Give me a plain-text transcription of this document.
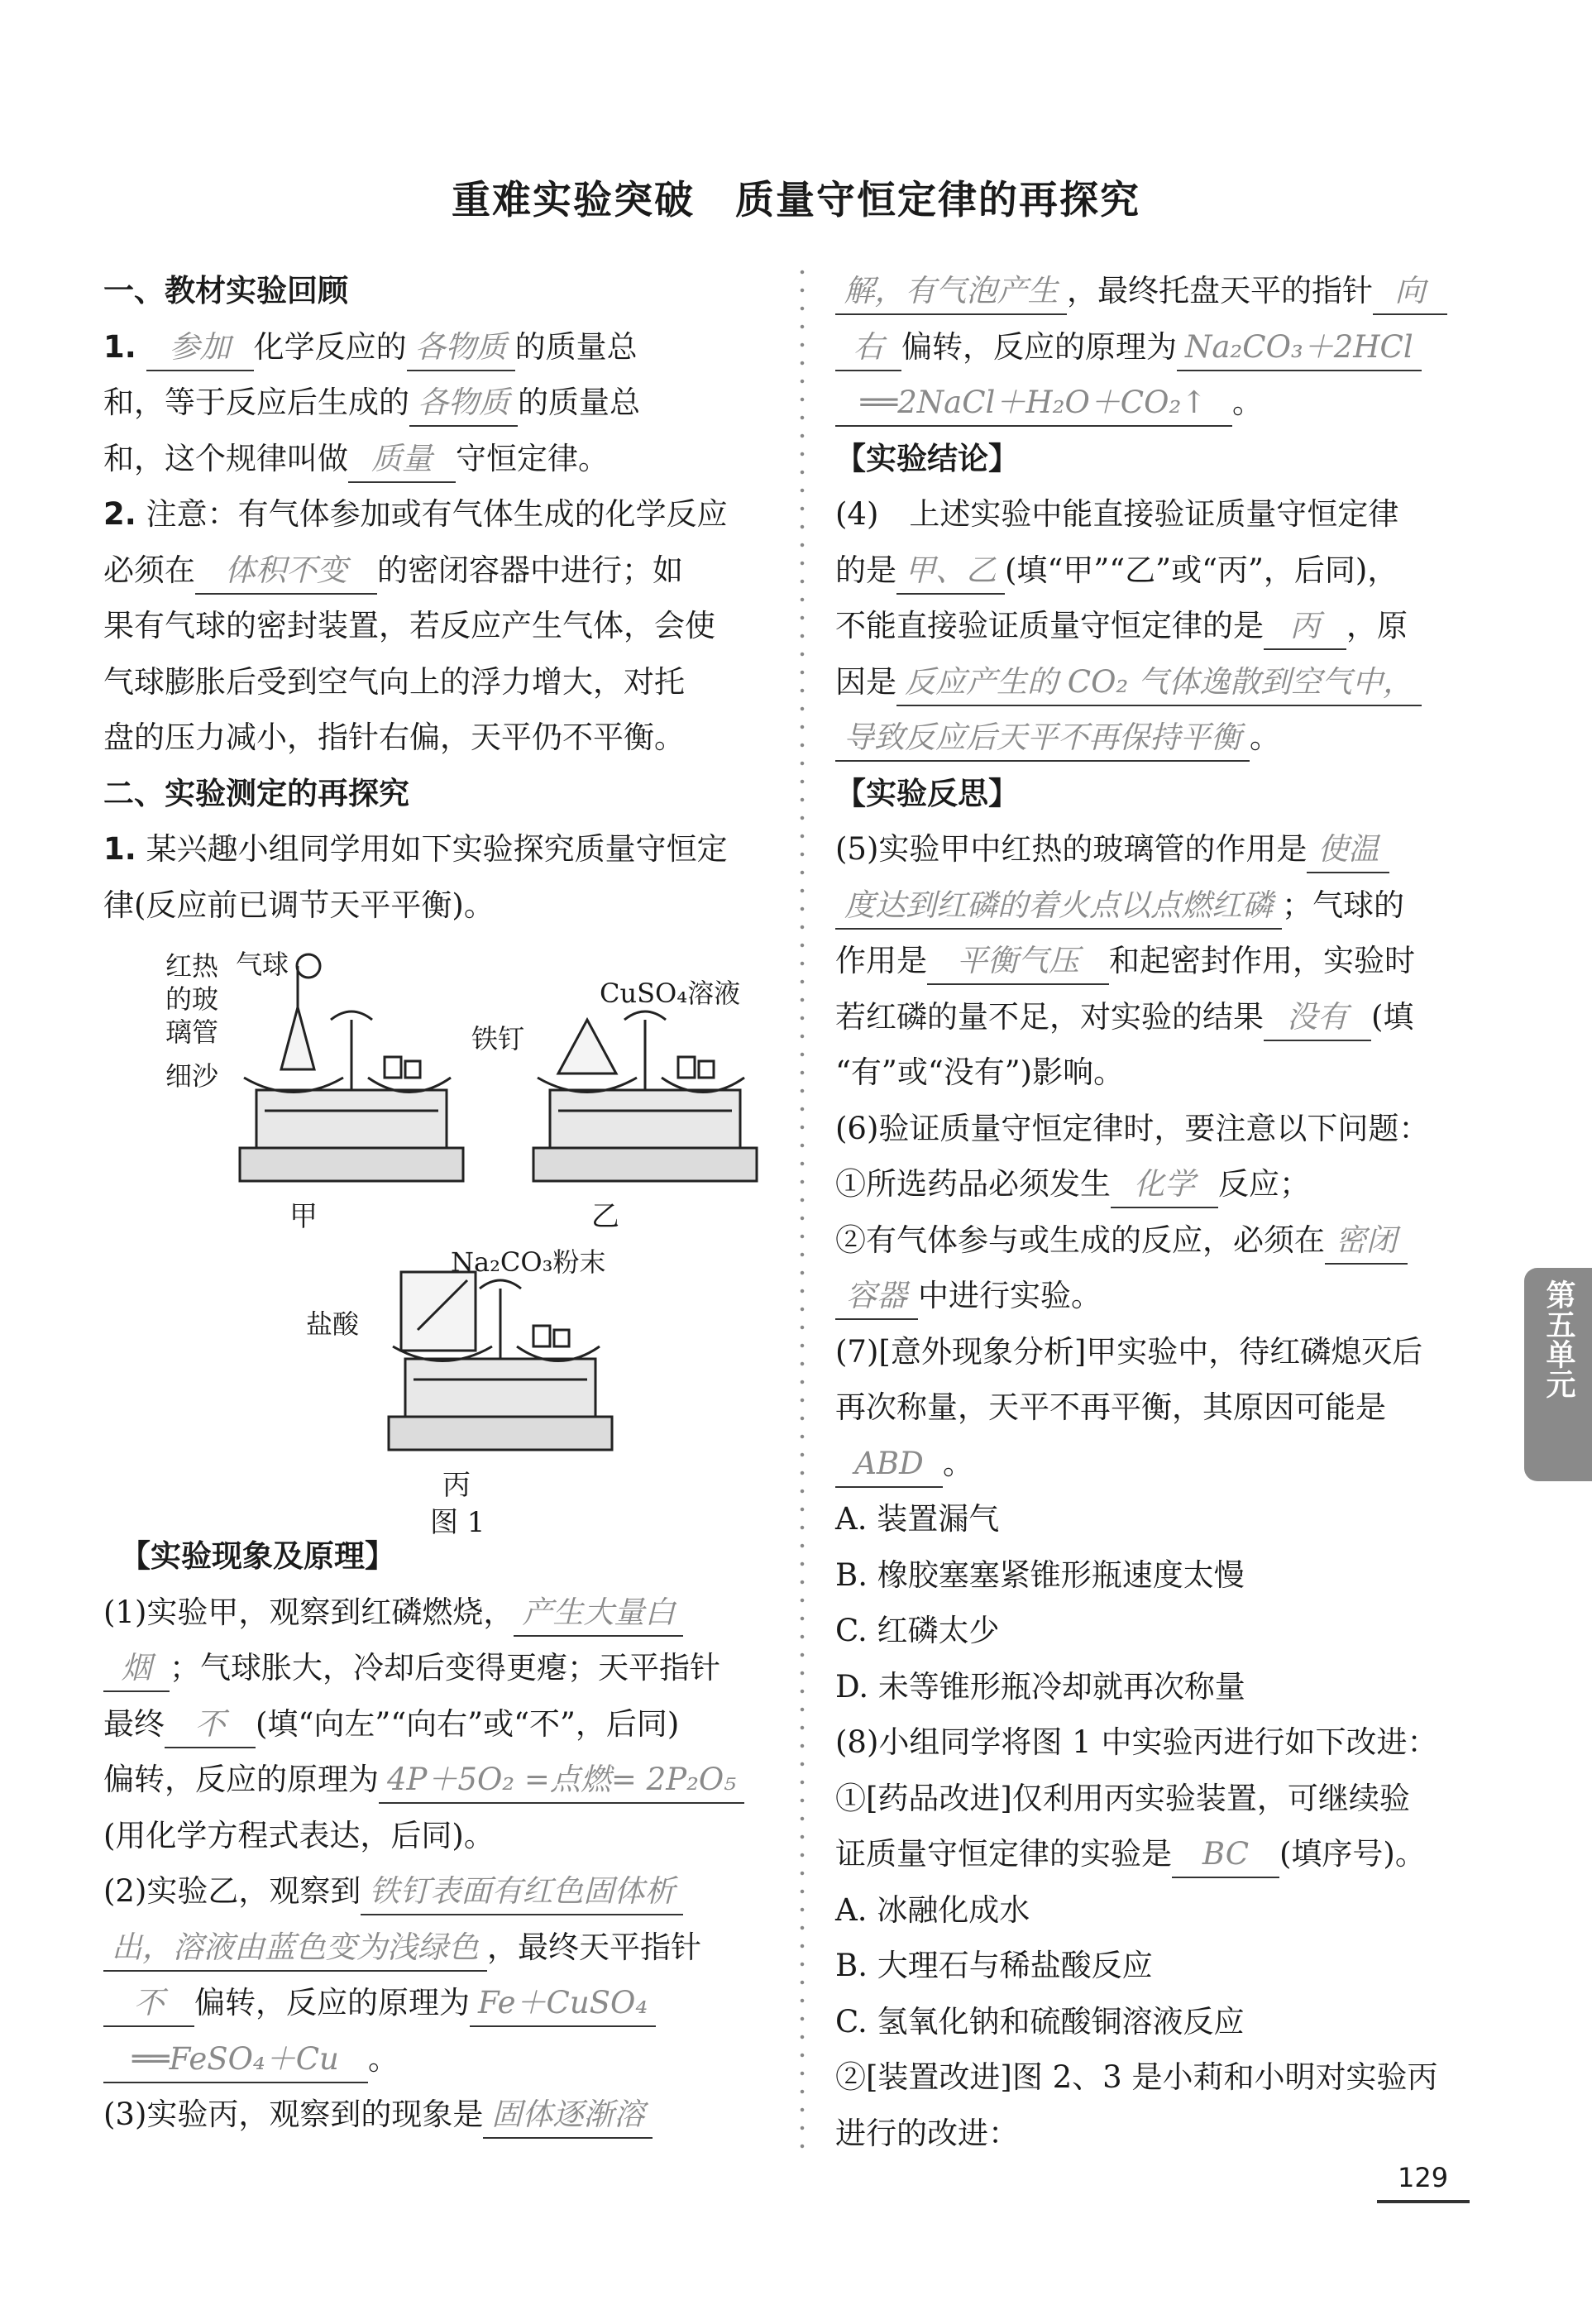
重难实验突破　质量守恒定律的再探究

一、教材实验回顾

1. 参加 化学反应的 各物质 的质量总
和，等于反应后生成的 各物质 的质量总
和，这个规律叫做 质量 守恒定律。

2. 注意：有气体参加或有气体生成的化学反应
必须在 体积不变 的密闭容器中进行；如
果有气球的密封装置，若反应产生气体，会使
气球膨胀后受到空气向上的浮力增大，对托
盘的压力减小，指针右偏，天平仍不平衡。

二、实验测定的再探究

1. 某兴趣小组同学用如下实验探究质量守恒定
律(反应前已调节天平平衡)。

红热的玻璃管
气球
细沙
CuSO₄溶液
铁钉
Na₂CO₃粉末
盐酸
甲	乙
丙
图 1

【实验现象及原理】

(1)实验甲，观察到红磷燃烧， 产生大量白
烟 ；气球胀大，冷却后变得更瘪；天平指针
最终 不 (填“向左”“向右”或“不”，后同)
偏转，反应的原理为 4P＋5O₂ =点燃= 2P₂O₅
(用化学方程式表达，后同)。

(2)实验乙，观察到 铁钉表面有红色固体析
出，溶液由蓝色变为浅绿色 ，最终天平指针
不 偏转，反应的原理为 Fe＋CuSO₄
══FeSO₄＋Cu 。

(3)实验丙，观察到的现象是 固体逐渐溶

解，有气泡产生 ，最终托盘天平的指针 向
右 偏转，反应的原理为 Na₂CO₃＋2HCl
══2NaCl＋H₂O＋CO₂↑ 。

【实验结论】

(4)　上述实验中能直接验证质量守恒定律
的是 甲、乙 (填“甲”“乙”或“丙”，后同)，
不能直接验证质量守恒定律的是 丙 ，原
因是 反应产生的 CO₂ 气体逸散到空气中，
导致反应后天平不再保持平衡 。

【实验反思】

(5)实验甲中红热的玻璃管的作用是 使温
度达到红磷的着火点以点燃红磷 ；气球的
作用是 平衡气压 和起密封作用，实验时
若红磷的量不足，对实验的结果 没有 (填
“有”或“没有”)影响。

(6)验证质量守恒定律时，要注意以下问题：
①所选药品必须发生 化学 反应；
②有气体参与或生成的反应，必须在 密闭
容器 中进行实验。

(7)[意外现象分析]甲实验中，待红磷熄灭后
再次称量，天平不再平衡，其原因可能是
ABD 。
A. 装置漏气
B. 橡胶塞塞紧锥形瓶速度太慢
C. 红磷太少
D. 未等锥形瓶冷却就再次称量

(8)小组同学将图 1 中实验丙进行如下改进：
①[药品改进]仅利用丙实验装置，可继续验
证质量守恒定律的实验是 BC (填序号)。
A. 冰融化成水
B. 大理石与稀盐酸反应
C. 氢氧化钠和硫酸铜溶液反应
②[装置改进]图 2、3 是小莉和小明对实验丙
进行的改进：

第五单元
129
